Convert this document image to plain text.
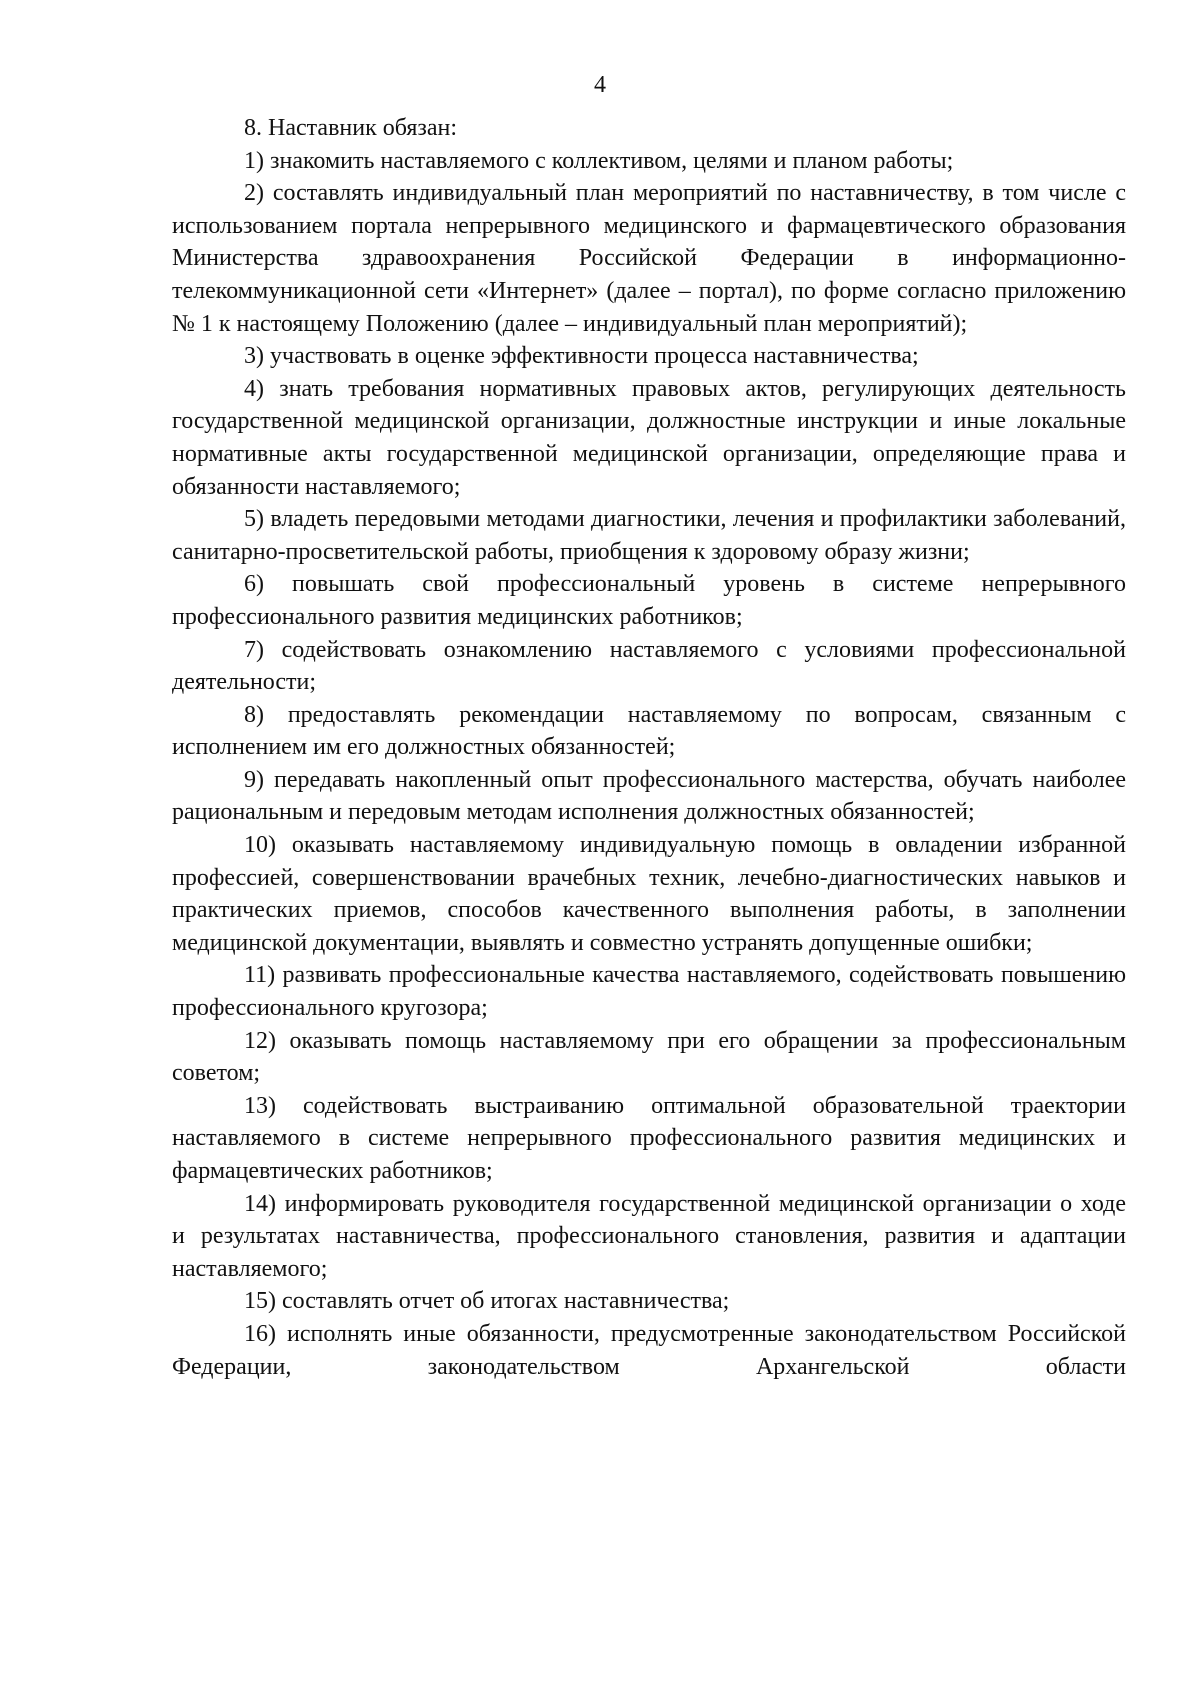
4

8. Наставник обязан:

1) знакомить наставляемого с коллективом, целями и планом работы;

2) составлять индивидуальный план мероприятий по наставничеству, в том числе с использованием портала непрерывного медицинского и фармацевтического образования Министерства здравоохранения Российской Федерации в информационно-телекоммуникационной сети «Интернет» (далее – портал), по форме согласно приложению № 1 к настоящему Положению (далее – индивидуальный план мероприятий);

3) участвовать в оценке эффективности процесса наставничества;

4) знать требования нормативных правовых актов, регулирующих деятельность государственной медицинской организации, должностные инструкции и иные локальные нормативные акты государственной медицинской организации, определяющие права и обязанности наставляемого;

5) владеть передовыми методами диагностики, лечения и профилактики заболеваний, санитарно-просветительской работы, приобщения к здоровому образу жизни;

6) повышать свой профессиональный уровень в системе непрерывного профессионального развития медицинских работников;

7) содействовать ознакомлению наставляемого с условиями профессиональной деятельности;

8) предоставлять рекомендации наставляемому по вопросам, связанным с исполнением им его должностных обязанностей;

9) передавать накопленный опыт профессионального мастерства, обучать наиболее рациональным и передовым методам исполнения должностных обязанностей;

10) оказывать наставляемому индивидуальную помощь в овладении избранной профессией, совершенствовании врачебных техник, лечебно-диагностических навыков и практических приемов, способов качественного выполнения работы, в заполнении медицинской документации, выявлять и совместно устранять допущенные ошибки;

11) развивать профессиональные качества наставляемого, содействовать повышению профессионального кругозора;

12) оказывать помощь наставляемому при его обращении за профессиональным советом;

13) содействовать выстраиванию оптимальной образовательной траектории наставляемого в системе непрерывного профессионального развития медицинских и фармацевтических работников;

14) информировать руководителя государственной медицинской организации о ходе и результатах наставничества, профессионального становления, развития и адаптации наставляемого;

15) составлять отчет об итогах наставничества;

16) исполнять иные обязанности, предусмотренные законодательством Российской Федерации, законодательством Архангельской области
